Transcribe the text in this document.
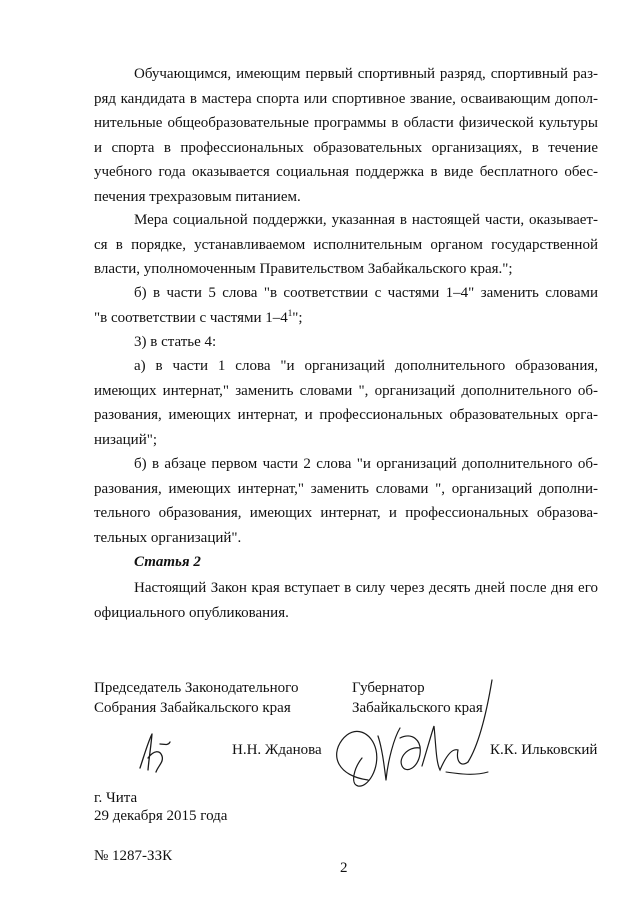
Обучающимся, имеющим первый спортивный разряд, спортивный раз-
ряд кандидата в мастера спорта или спортивное звание, осваивающим допол-
нительные общеобразовательные программы в области физической культуры
и спорта в профессиональных образовательных организациях, в течение
учебного года оказывается социальная поддержка в виде бесплатного обес-
печения трехразовым питанием.
Мера социальной поддержки, указанная в настоящей части, оказывает-
ся в порядке, устанавливаемом исполнительным органом государственной
власти, уполномоченным Правительством Забайкальского края.";
б) в части 5 слова "в соответствии с частями 1–4" заменить словами
"в соответствии с частями $1-4^1$";
3) в статье 4:
а) в части 1 слова "и организаций дополнительного образования,
имеющих интернат," заменить словами ", организаций дополнительного об-
разования, имеющих интернат, и профессиональных образовательных орга-
низаций";
б) в абзаце первом части 2 слова "и организаций дополнительного об-
разования, имеющих интернат," заменить словами ", организаций дополни-
тельного образования, имеющих интернат, и профессиональных образова-
тельных организаций".
Статья 2
Настоящий Закон края вступает в силу через десять дней после дня его
официального опубликования.
Председатель Законодательного
Собрания Забайкальского края
Губернатор
Забайкальского края
Н.Н. Жданова	К.К. Ильковский
г. Чита
29 декабря 2015 года
№ 1287-ЗЗК
2
